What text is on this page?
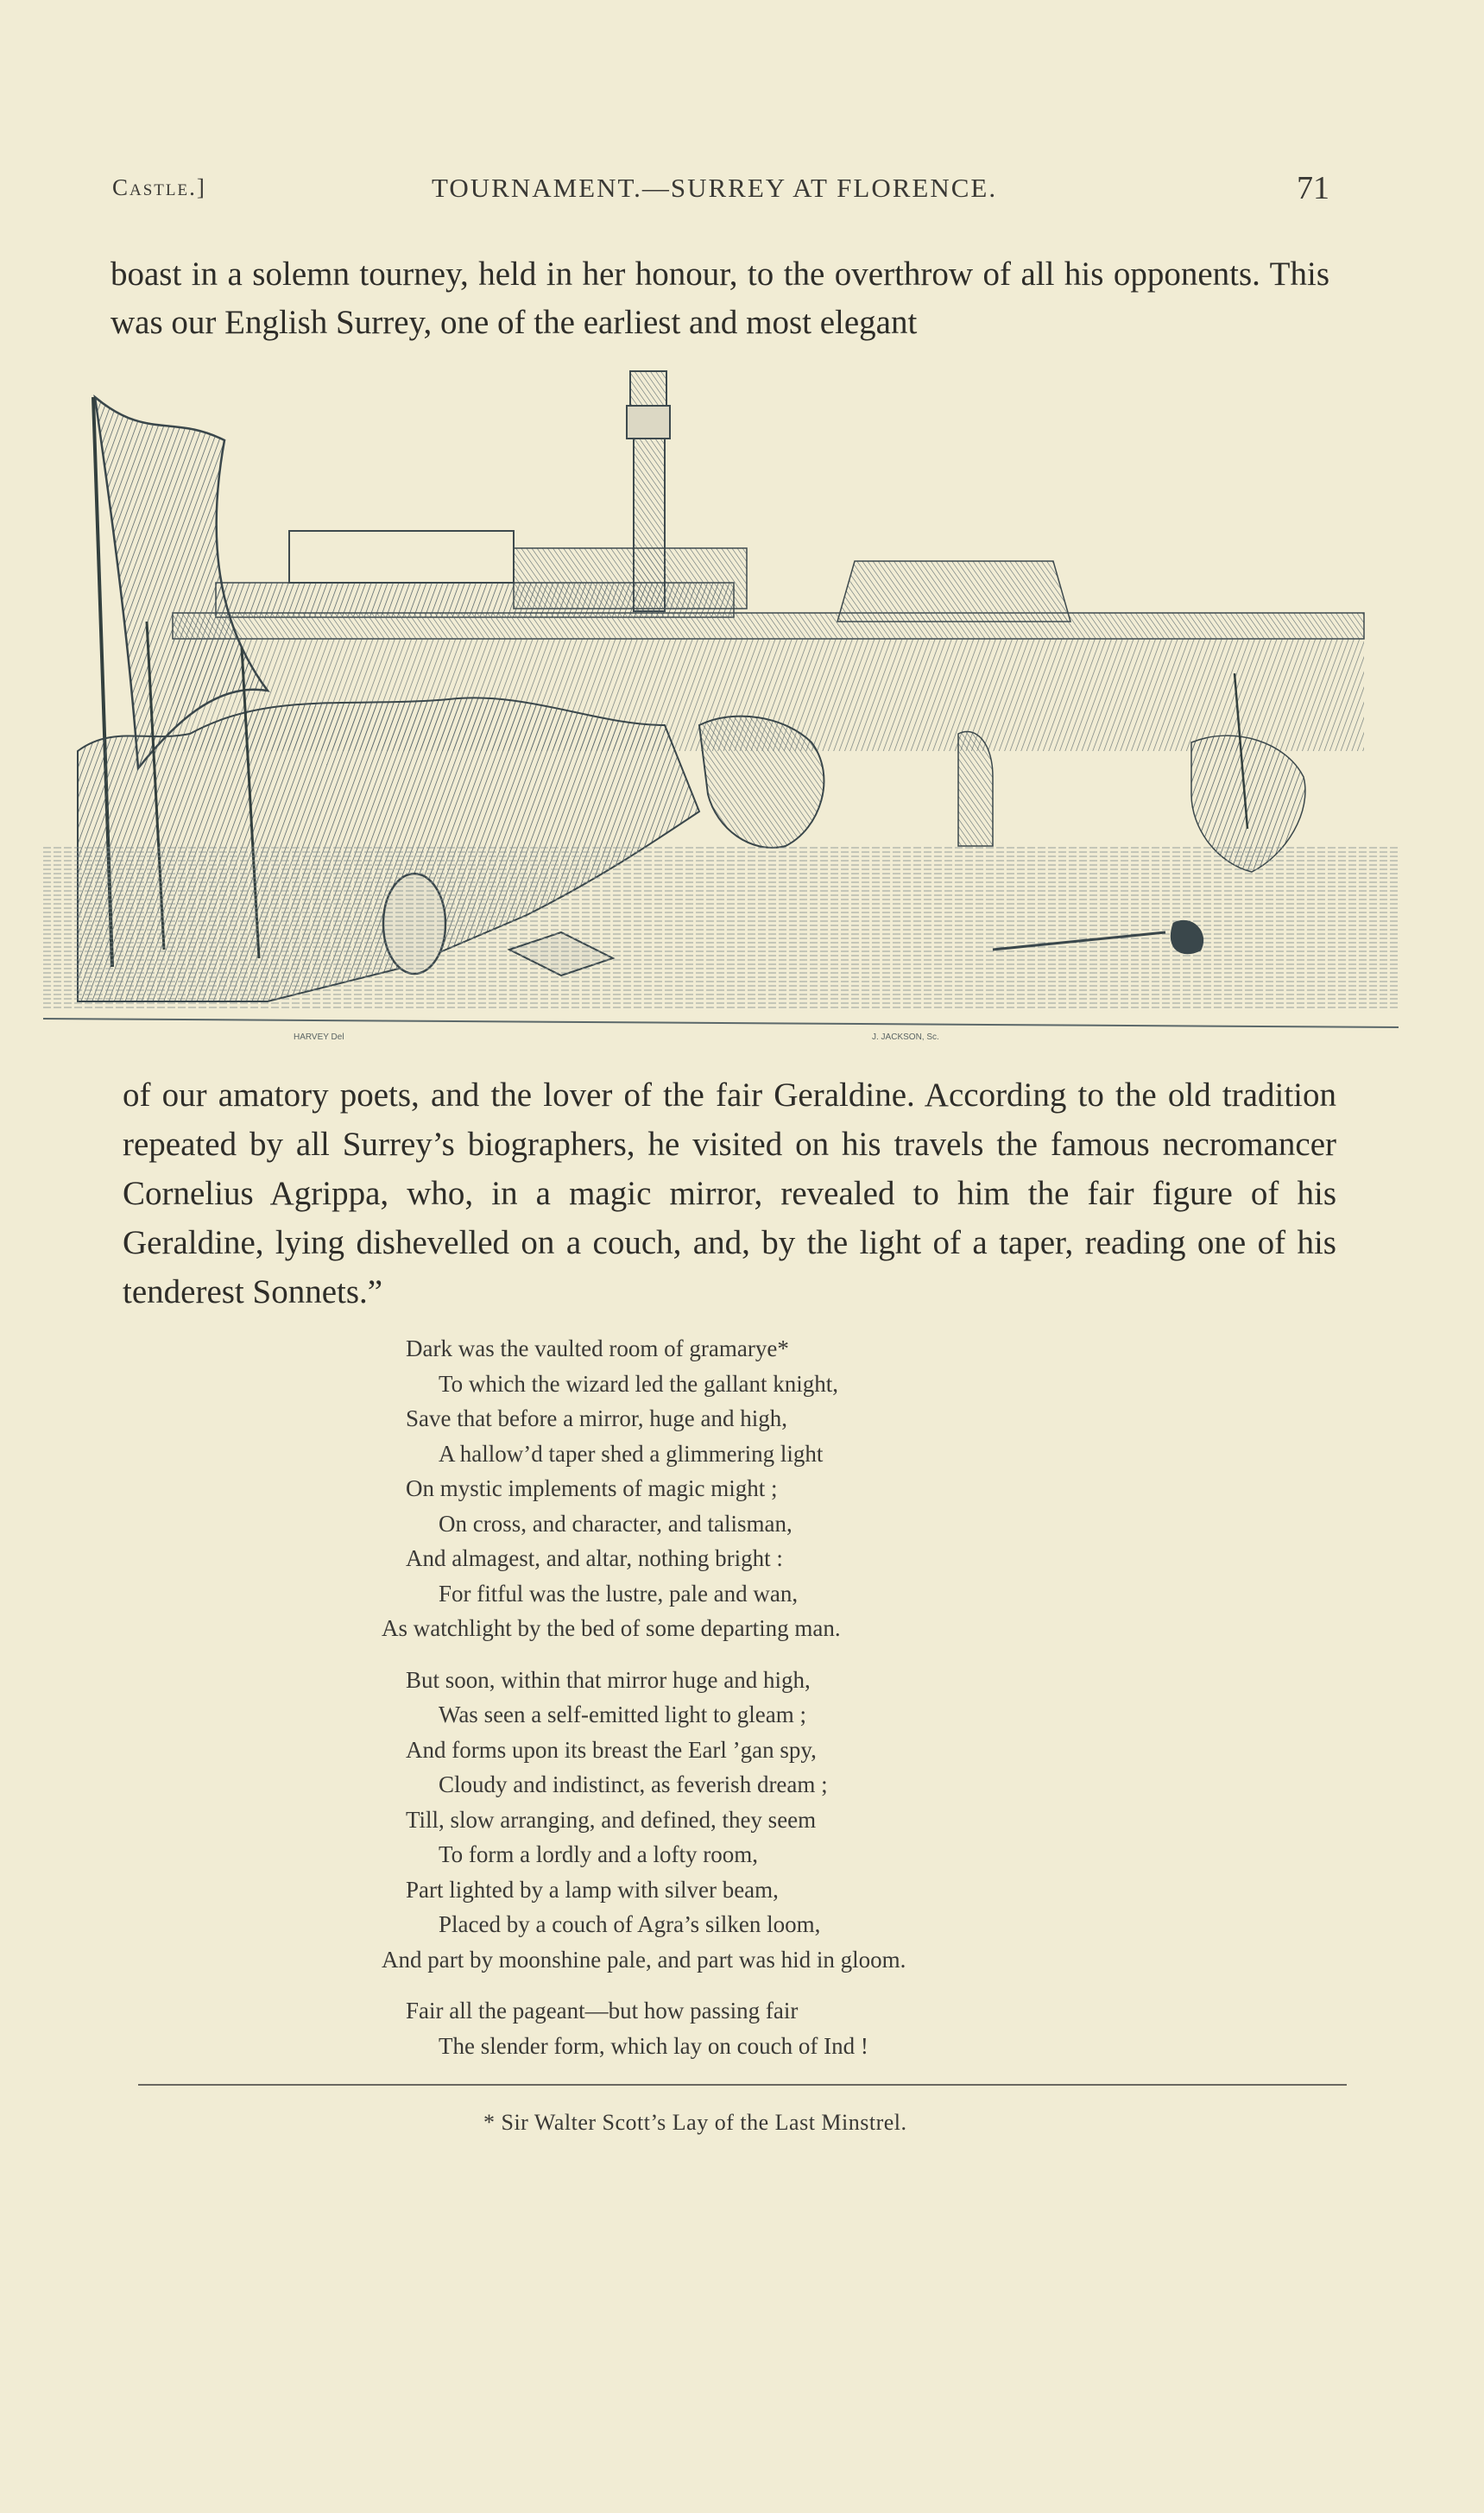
Castle.]	TOURNAMENT.—SURREY AT FLORENCE.	71

boast in a solemn tourney, held in her honour, to the overthrow of all his opponents. This was our English Surrey, one of the earliest and most elegant

HARVEY Del	J. JACKSON, Sc.

of our amatory poets, and the lover of the fair Geraldine. According to the old tradition repeated by all Surrey’s biographers, he visited on his travels the famous necromancer Cornelius Agrippa, who, in a magic mirror, revealed to him the fair figure of his Geraldine, lying dishevelled on a couch, and, by the light of a taper, reading one of his tenderest Sonnets.”

Dark was the vaulted room of gramarye*
To which the wizard led the gallant knight,
Save that before a mirror, huge and high,
A hallow’d taper shed a glimmering light
On mystic implements of magic might ;
On cross, and character, and talisman,
And almagest, and altar, nothing bright :
For fitful was the lustre, pale and wan,
As watchlight by the bed of some departing man.
But soon, within that mirror huge and high,
Was seen a self-emitted light to gleam ;
And forms upon its breast the Earl ’gan spy,
Cloudy and indistinct, as feverish dream ;
Till, slow arranging, and defined, they seem
To form a lordly and a lofty room,
Part lighted by a lamp with silver beam,
Placed by a couch of Agra’s silken loom,
And part by moonshine pale, and part was hid in gloom.
Fair all the pageant—but how passing fair
The slender form, which lay on couch of Ind !
* Sir Walter Scott’s Lay of the Last Minstrel.
